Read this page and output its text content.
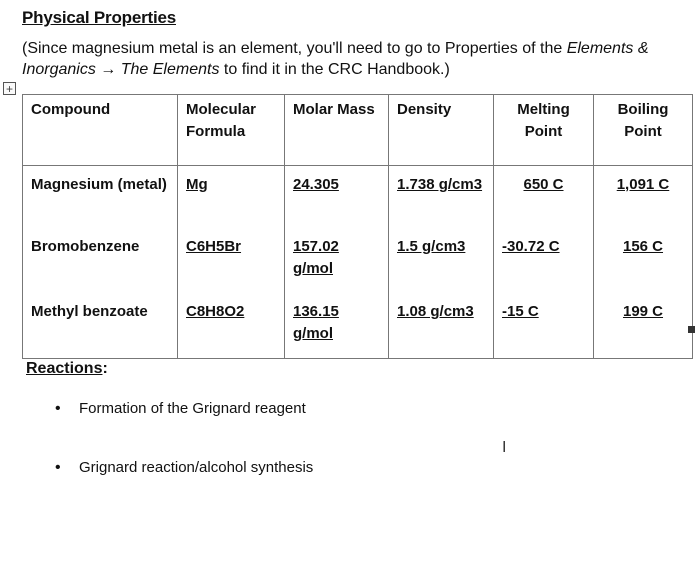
Physical Properties
(Since magnesium metal is an element, you'll need to go to Properties of the Elements &
Inorganics → The Elements to find it in the CRC Handbook.)
+
Compound	Molecular Formula	Molar Mass	Density	Melting Point	Boiling Point

Magnesium (metal)	Mg	24.305	1.738 g/cm3	650 C	1,091 C

Bromobenzene	C6H5Br	157.02 g/mol	1.5 g/cm3	-30.72 C	156 C

Methyl benzoate	C8H8O2	136.15 g/mol	1.08 g/cm3	-15 C	199 C
Reactions:
• Formation of the Grignard reagent
• Grignard reaction/alcohol synthesis
I
